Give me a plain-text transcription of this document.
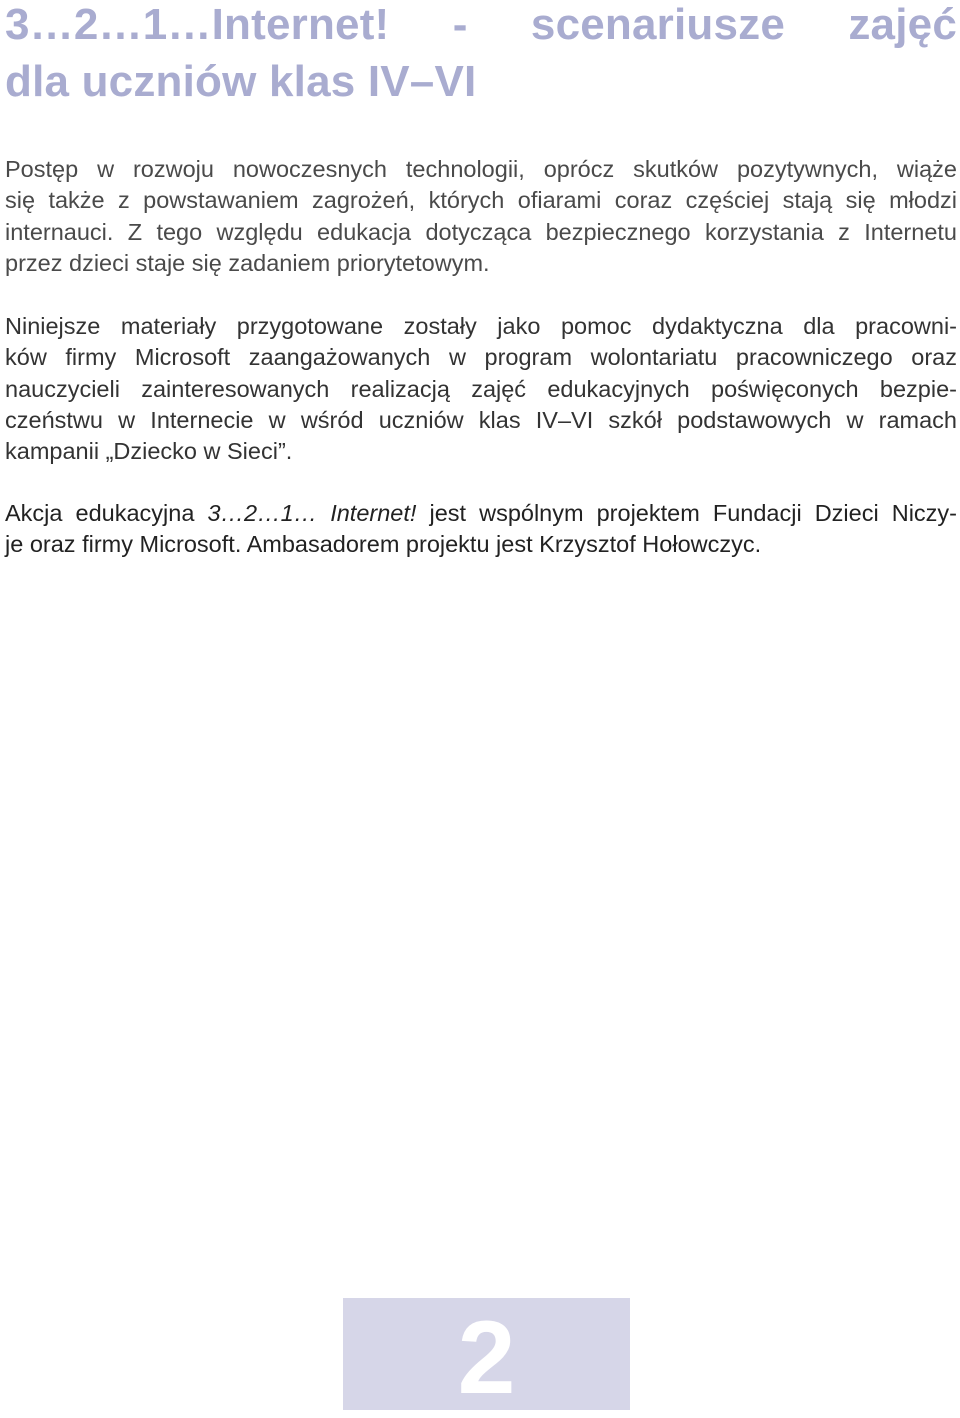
3…2…1…Internet! - scenariusze zajęć
dla uczniów klas IV–VI
Postęp w rozwoju nowoczesnych technologii, oprócz skutków pozytywnych, wiąże
się także z powstawaniem zagrożeń, których ofiarami coraz częściej stają się młodzi
internauci. Z tego względu edukacja dotycząca bezpiecznego korzystania z Internetu
przez dzieci staje się zadaniem priorytetowym.
Niniejsze materiały przygotowane zostały jako pomoc dydaktyczna dla pracowni-
ków firmy Microsoft zaangażowanych w program wolontariatu pracowniczego oraz
nauczycieli zainteresowanych realizacją zajęć edukacyjnych poświęconych bezpie-
czeństwu w Internecie w wśród uczniów klas IV–VI szkół podstawowych w ramach
kampanii „Dziecko w Sieci”.
Akcja edukacyjna 3…2…1… Internet! jest wspólnym projektem Fundacji Dzieci Niczy-
je oraz firmy Microsoft. Ambasadorem projektu jest Krzysztof Hołowczyc.
2
